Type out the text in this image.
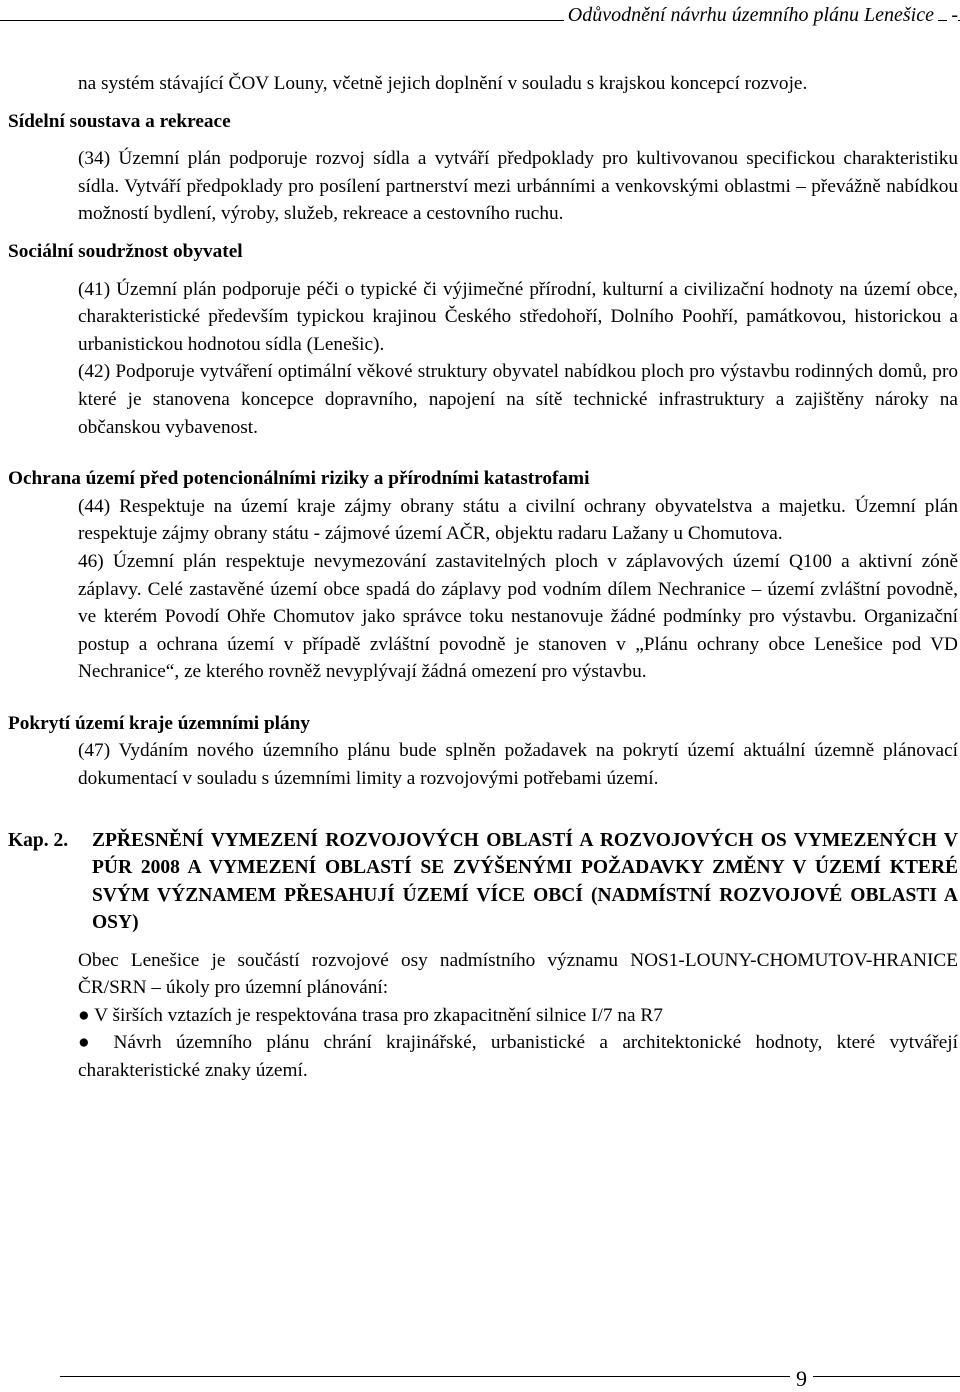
Odůvodnění návrhu územního plánu Lenešice -

na systém stávající ČOV Louny, včetně jejich doplnění v souladu s krajskou koncepcí rozvoje.

Sídelní soustava a rekreace

(34) Územní plán podporuje rozvoj sídla a vytváří předpoklady pro kultivovanou specifickou charakteristiku sídla. Vytváří předpoklady pro posílení partnerství mezi urbánními a venkovskými oblastmi – převážně nabídkou možností bydlení, výroby, služeb, rekreace a cestovního ruchu.

Sociální soudržnost obyvatel

(41) Územní plán podporuje péči o typické či výjimečné přírodní, kulturní a civilizační hodnoty na území obce, charakteristické především typickou krajinou Českého středohoří, Dolního Poohří, památkovou, historickou a urbanistickou hodnotou sídla (Lenešic).

(42) Podporuje vytváření optimální věkové struktury obyvatel nabídkou ploch pro výstavbu rodinných domů, pro které je stanovena koncepce dopravního, napojení na sítě technické infrastruktury a zajištěny nároky na občanskou vybavenost.

Ochrana území před potencionálními riziky a přírodními katastrofami

(44) Respektuje na území kraje zájmy obrany státu a civilní ochrany obyvatelstva a majetku. Územní plán respektuje zájmy obrany státu - zájmové území AČR, objektu radaru Lažany u Chomutova.

46) Územní plán respektuje nevymezování zastavitelných ploch v záplavových území Q100 a aktivní zóně záplavy. Celé zastavěné území obce spadá do záplavy pod vodním dílem Nechranice – území zvláštní povodně, ve kterém Povodí Ohře Chomutov jako správce toku nestanovuje žádné podmínky pro výstavbu. Organizační postup a ochrana území v případě zvláštní povodně je stanoven v „Plánu ochrany obce Lenešice pod VD Nechranice“, ze kterého rovněž nevyplývají žádná omezení pro výstavbu.

Pokrytí území kraje územními plány

(47) Vydáním nového územního plánu bude splněn požadavek na pokrytí území aktuální územně plánovací dokumentací v souladu s územními limity a rozvojovými potřebami území.

Kap. 2.	ZPŘESNĚNÍ VYMEZENÍ ROZVOJOVÝCH OBLASTÍ A ROZVOJOVÝCH OS VYMEZENÝCH V PÚR 2008 A VYMEZENÍ OBLASTÍ SE ZVÝŠENÝMI POŽADAVKY ZMĚNY V ÚZEMÍ KTERÉ SVÝM VÝZNAMEM PŘESAHUJÍ ÚZEMÍ VÍCE OBCÍ (NADMÍSTNÍ ROZVOJOVÉ OBLASTI A OSY)

Obec Lenešice je součástí rozvojové osy nadmístního významu NOS1-LOUNY-CHOMUTOV-HRANICE ČR/SRN – úkoly pro územní plánování:

● V širších vztazích je respektována trasa pro zkapacitnění silnice I/7 na R7

● Návrh územního plánu chrání krajinářské, urbanistické a architektonické hodnoty, které vytvářejí charakteristické znaky území.

9
